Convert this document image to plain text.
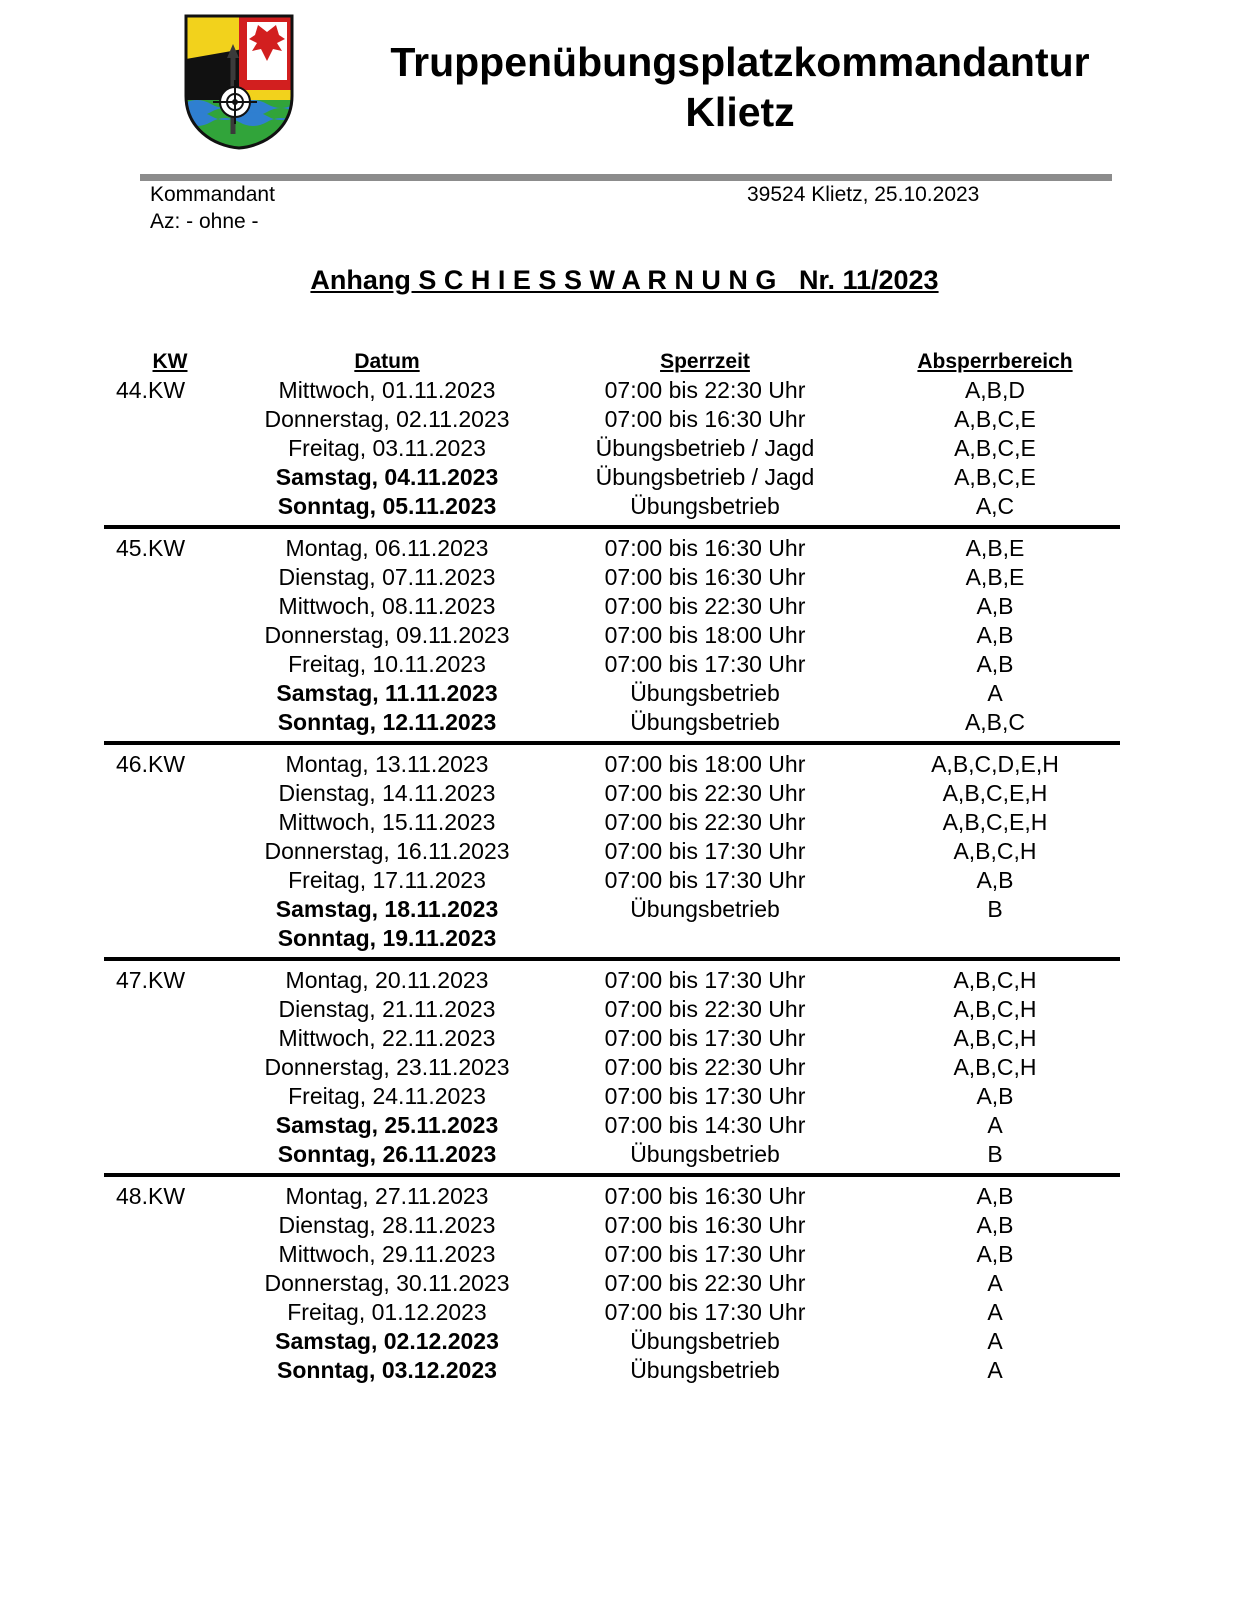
Truppenübungsplatzkommandantur
Klietz
Kommandant
Az: - ohne -
39524 Klietz, 25.10.2023
Anhang S C H I E S S W A R N U N G   Nr. 11/2023
KW	Datum	Sperrzeit	Absperrbereich
44.KW	Mittwoch, 01.11.2023	07:00 bis 22:30 Uhr	A,B,D
Donnerstag, 02.11.2023	07:00 bis 16:30 Uhr	A,B,C,E
Freitag, 03.11.2023	Übungsbetrieb / Jagd	A,B,C,E
Samstag, 04.11.2023	Übungsbetrieb / Jagd	A,B,C,E
Sonntag, 05.11.2023	Übungsbetrieb	A,C
45.KW	Montag, 06.11.2023	07:00 bis 16:30 Uhr	A,B,E
Dienstag, 07.11.2023	07:00 bis 16:30 Uhr	A,B,E
Mittwoch, 08.11.2023	07:00 bis 22:30 Uhr	A,B
Donnerstag, 09.11.2023	07:00 bis 18:00 Uhr	A,B
Freitag, 10.11.2023	07:00 bis 17:30 Uhr	A,B
Samstag, 11.11.2023	Übungsbetrieb	A
Sonntag, 12.11.2023	Übungsbetrieb	A,B,C
46.KW	Montag, 13.11.2023	07:00 bis 18:00 Uhr	A,B,C,D,E,H
Dienstag, 14.11.2023	07:00 bis 22:30 Uhr	A,B,C,E,H
Mittwoch, 15.11.2023	07:00 bis 22:30 Uhr	A,B,C,E,H
Donnerstag, 16.11.2023	07:00 bis 17:30 Uhr	A,B,C,H
Freitag, 17.11.2023	07:00 bis 17:30 Uhr	A,B
Samstag, 18.11.2023	Übungsbetrieb	B
Sonntag, 19.11.2023
47.KW	Montag, 20.11.2023	07:00 bis 17:30 Uhr	A,B,C,H
Dienstag, 21.11.2023	07:00 bis 22:30 Uhr	A,B,C,H
Mittwoch, 22.11.2023	07:00 bis 17:30 Uhr	A,B,C,H
Donnerstag, 23.11.2023	07:00 bis 22:30 Uhr	A,B,C,H
Freitag, 24.11.2023	07:00 bis 17:30 Uhr	A,B
Samstag, 25.11.2023	07:00 bis 14:30 Uhr	A
Sonntag, 26.11.2023	Übungsbetrieb	B
48.KW	Montag, 27.11.2023	07:00 bis 16:30 Uhr	A,B
Dienstag, 28.11.2023	07:00 bis 16:30 Uhr	A,B
Mittwoch, 29.11.2023	07:00 bis 17:30 Uhr	A,B
Donnerstag, 30.11.2023	07:00 bis 22:30 Uhr	A
Freitag, 01.12.2023	07:00 bis 17:30 Uhr	A
Samstag, 02.12.2023	Übungsbetrieb	A
Sonntag, 03.12.2023	Übungsbetrieb	A
